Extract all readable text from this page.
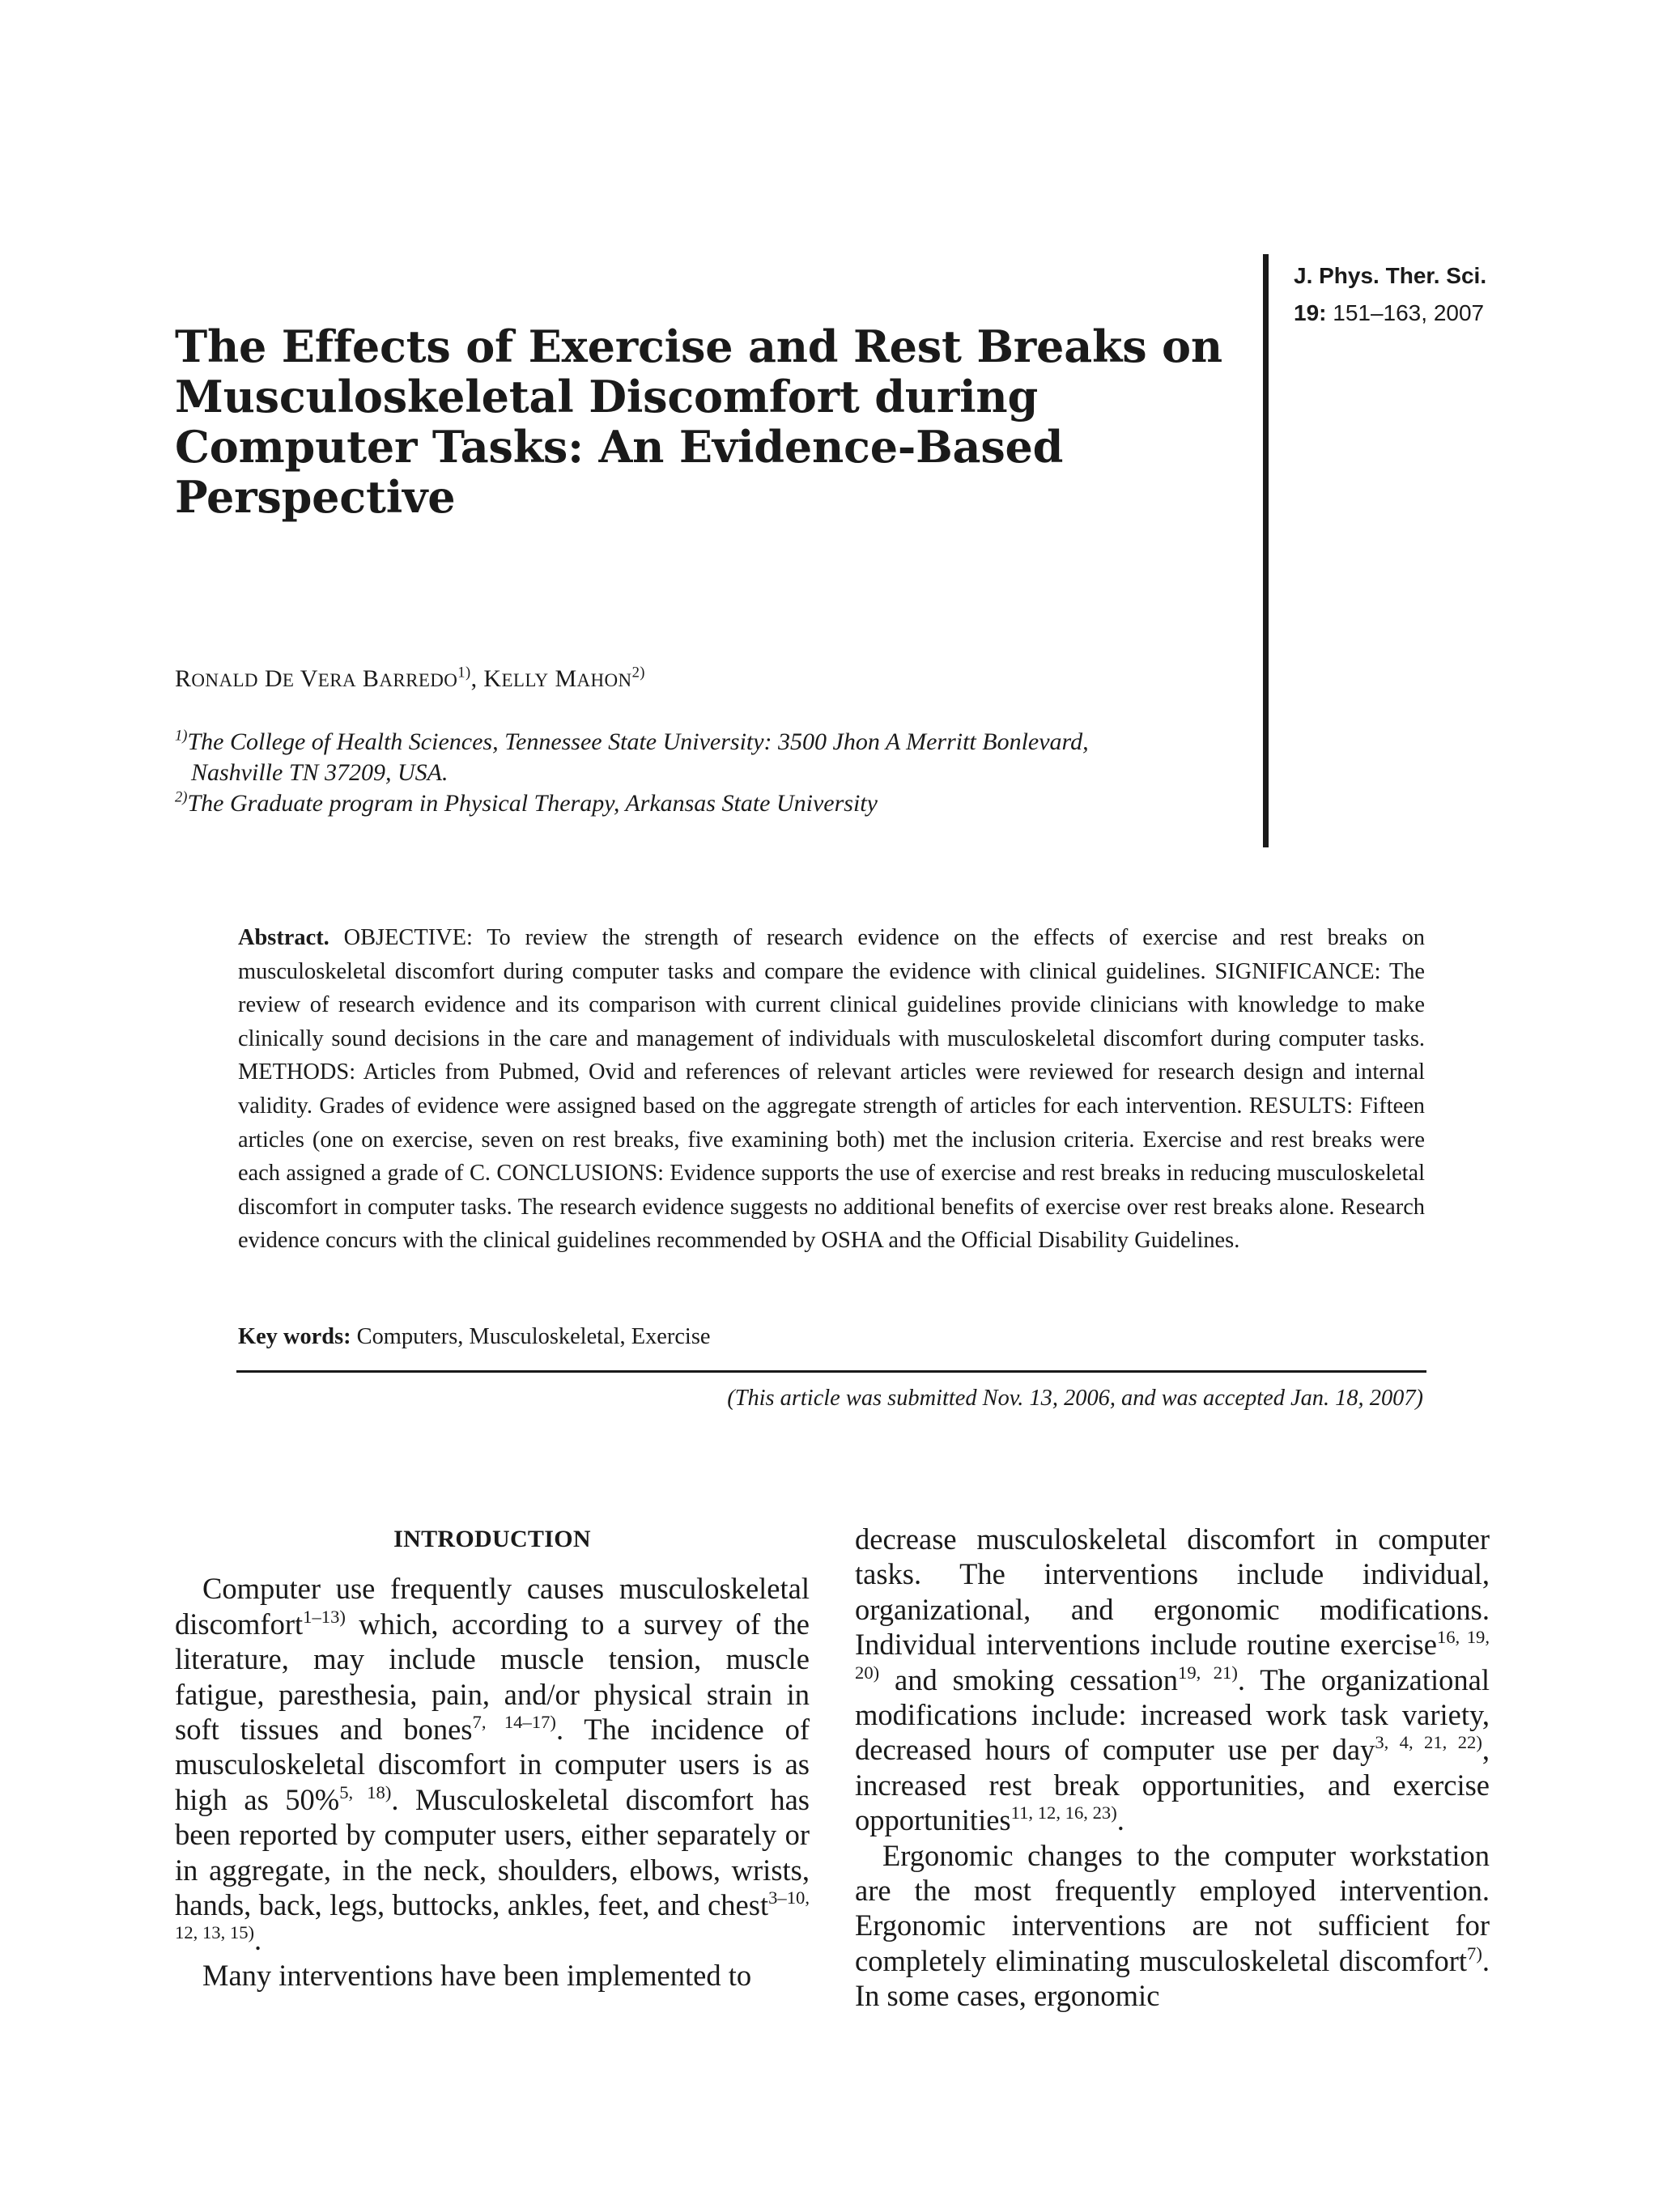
J. Phys. Ther. Sci.
19: 151–163, 2007
The Effects of Exercise and Rest Breaks on Musculoskeletal Discomfort during Computer Tasks: An Evidence-Based Perspective
RONALD DE VERA BARREDO$^{1)}$, KELLY MAHON$^{2)}$
$^{1)}$The College of Health Sciences, Tennessee State University: 3500 Jhon A Merritt Bonlevard,
Nashville TN 37209, USA.
$^{2)}$The Graduate program in Physical Therapy, Arkansas State University

Abstract. OBJECTIVE: To review the strength of research evidence on the effects of exercise and rest breaks on musculoskeletal discomfort during computer tasks and compare the evidence with clinical guidelines. SIGNIFICANCE: The review of research evidence and its comparison with current clinical guidelines provide clinicians with knowledge to make clinically sound decisions in the care and management of individuals with musculoskeletal discomfort during computer tasks. METHODS: Articles from Pubmed, Ovid and references of relevant articles were reviewed for research design and internal validity. Grades of evidence were assigned based on the aggregate strength of articles for each intervention. RESULTS: Fifteen articles (one on exercise, seven on rest breaks, five examining both) met the inclusion criteria. Exercise and rest breaks were each assigned a grade of C. CONCLUSIONS: Evidence supports the use of exercise and rest breaks in reducing musculoskeletal discomfort in computer tasks. The research evidence suggests no additional benefits of exercise over rest breaks alone. Research evidence concurs with the clinical guidelines recommended by OSHA and the Official Disability Guidelines.

Key words: Computers, Musculoskeletal, Exercise
(This article was submitted Nov. 13, 2006, and was accepted Jan. 18, 2007)
INTRODUCTION

Computer use frequently causes musculoskeletal discomfort$^{1-13)}$ which, according to a survey of the literature, may include muscle tension, muscle fatigue, paresthesia, pain, and/or physical strain in soft tissues and bones$^{7, 14-17)}$. The incidence of musculoskeletal discomfort in computer users is as high as 50%$^{5, 18)}$. Musculoskeletal discomfort has been reported by computer users, either separately or in aggregate, in the neck, shoulders, elbows, wrists, hands, back, legs, buttocks, ankles, feet, and chest$^{3-10, 12, 13, 15)}$.

Many interventions have been implemented to

decrease musculoskeletal discomfort in computer tasks. The interventions include individual, organizational, and ergonomic modifications. Individual interventions include routine exercise$^{16, 19, 20)}$ and smoking cessation$^{19, 21)}$. The organizational modifications include: increased work task variety, decreased hours of computer use per day$^{3, 4, 21, 22)}$, increased rest break opportunities, and exercise opportunities$^{11, 12, 16, 23)}$.

Ergonomic changes to the computer workstation are the most frequently employed intervention. Ergonomic interventions are not sufficient for completely eliminating musculoskeletal discomfort$^{7)}$. In some cases, ergonomic
